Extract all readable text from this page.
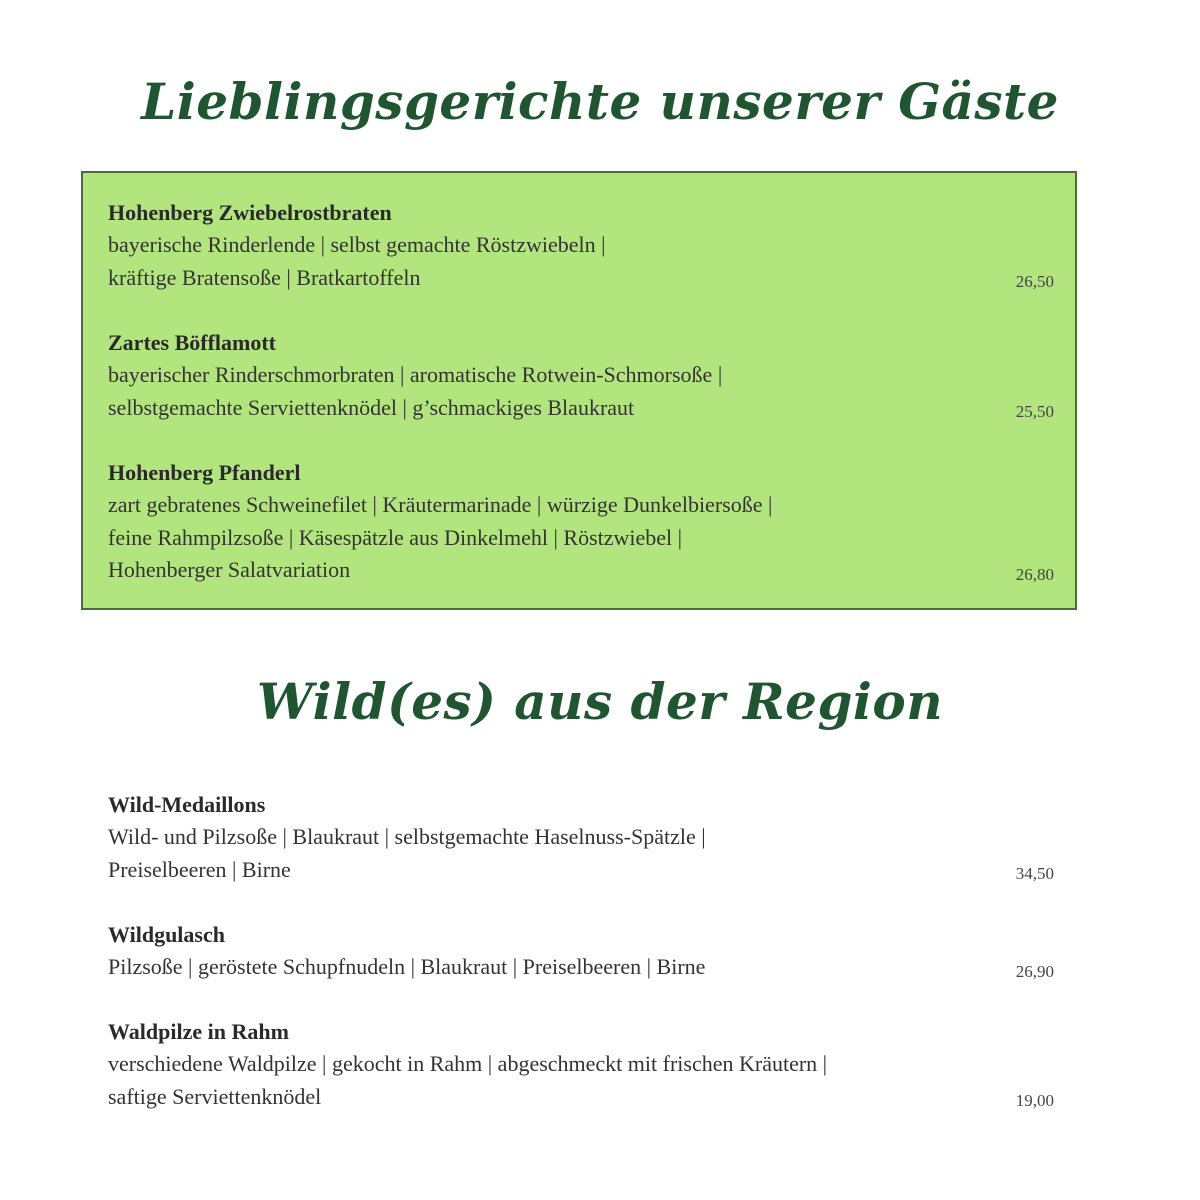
Lieblingsgerichte unserer Gäste
Hohenberg Zwiebelrostbraten
bayerische Rinderlende | selbst gemachte Röstzwiebeln |
kräftige Bratensoße | Bratkartoffeln	26,50
Zartes Böfflamott
bayerischer Rinderschmorbraten | aromatische Rotwein-Schmorsoße |
selbstgemachte Serviettenknödel | g’schmackiges Blaukraut	25,50
Hohenberg Pfanderl
zart gebratenes Schweinefilet | Kräutermarinade | würzige Dunkelbiersoße |
feine Rahmpilzsoße | Käsespätzle aus Dinkelmehl | Röstzwiebel |
Hohenberger Salatvariation	26,80
Wild(es) aus der Region
Wild-Medaillons
Wild- und Pilzsoße | Blaukraut | selbstgemachte Haselnuss-Spätzle |
Preiselbeeren | Birne	34,50
Wildgulasch
Pilzsoße | geröstete Schupfnudeln | Blaukraut | Preiselbeeren | Birne	26,90
Waldpilze in Rahm
verschiedene Waldpilze | gekocht in Rahm | abgeschmeckt mit frischen Kräutern |
saftige Serviettenknödel	19,00
